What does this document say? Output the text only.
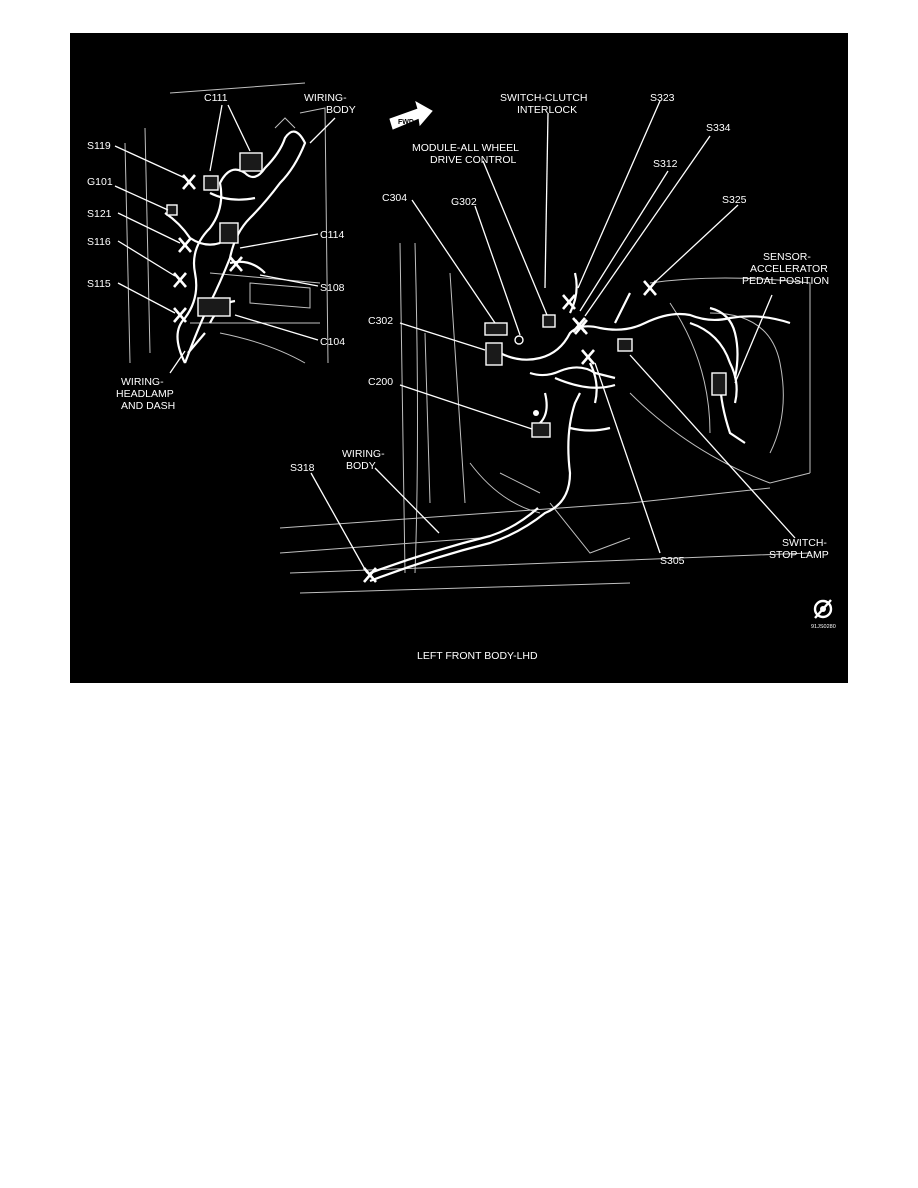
C111	WIRING-
BODY
S119
G101
S121
S116
S115
C114
S108
C104
WIRING-
HEADLAMP
AND DASH
FWD
SWITCH-CLUTCH
INTERLOCK
S323
S334
MODULE-ALL WHEEL
DRIVE CONTROL	S312
C304	G302	S325
SENSOR-
ACCELERATOR
PEDAL POSITION
C302
C200
WIRING-
BODY
S318
SWITCH-
STOP LAMP
S305
91JS0280
LEFT FRONT BODY-LHD
